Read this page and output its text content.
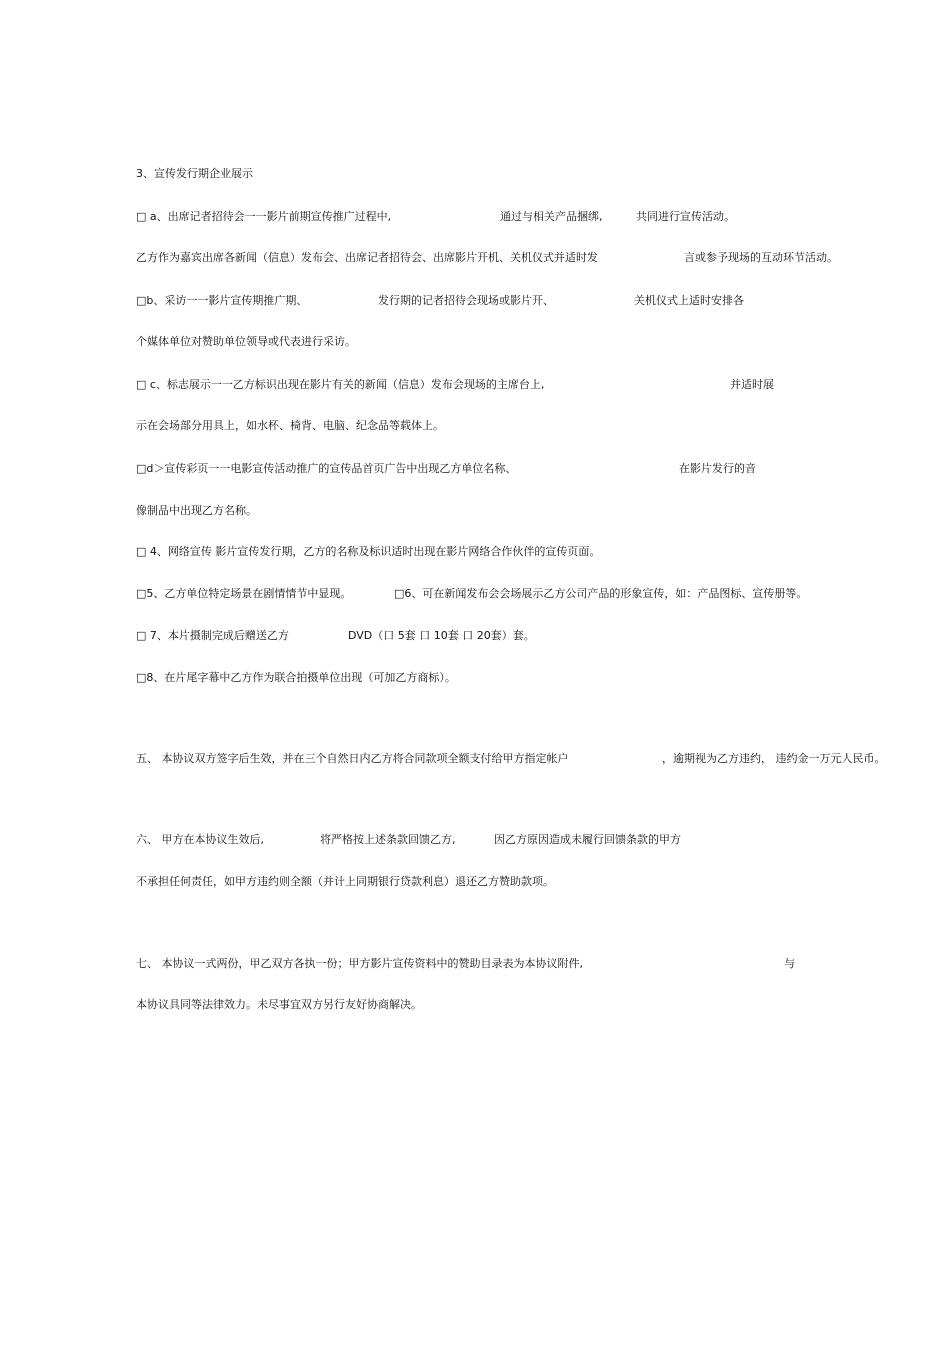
3、宣传发行期企业展示
□ a、出席记者招待会一一影片前期宣传推广过程中,	通过与相关产品捆绑,	共同进行宣传活动。
乙方作为嘉宾出席各新闻（信息）发布会、出席记者招待会、出席影片开机、关机仪式并适时发	言或参予现场的互动环节活动。
□b、采访一一影片宣传期推广期、	发行期的记者招待会现场或影片开、	关机仪式上适时安排各
个媒体单位对赞助单位领导或代表进行采访。
□ c、标志展示一一乙方标识出现在影片有关的新闻（信息）发布会现场的主席台上,	并适时展
示在会场部分用具上，如水杯、椅背、电脑、纪念品等载体上。
□d＞宣传彩页一一电影宣传活动推广的宣传品首页广告中出现乙方单位名称、	在影片发行的音
像制品中出现乙方名称。
□ 4、网络宣传 影片宣传发行期，乙方的名称及标识适时出现在影片网络合作伙伴的宣传页面。
□5、乙方单位特定场景在剧情情节中显现。	□6、可在新闻发布会会场展示乙方公司产品的形象宣传，如：产品图标、宣传册等。
□ 7、本片摄制完成后赠送乙方	DVD（口 5套 口 10套 口 20套）套。
□8、在片尾字幕中乙方作为联合拍摄单位出现（可加乙方商标）。
五、 本协议双方签字后生效，并在三个自然日内乙方将合同款项全额支付给甲方指定帐户	，逾期视为乙方违约， 违约金一万元人民币。
六、 甲方在本协议生效后,	将严格按上述条款回馈乙方,	因乙方原因造成未履行回馈条款的甲方
不承担任何责任，如甲方违约则全额（并计上同期银行贷款利息）退还乙方赞助款项。
七、 本协议一式两份，甲乙双方各执一份；甲方影片宣传资料中的赞助目录表为本协议附件,	与
本协议具同等法律效力。未尽事宜双方另行友好协商解决。
